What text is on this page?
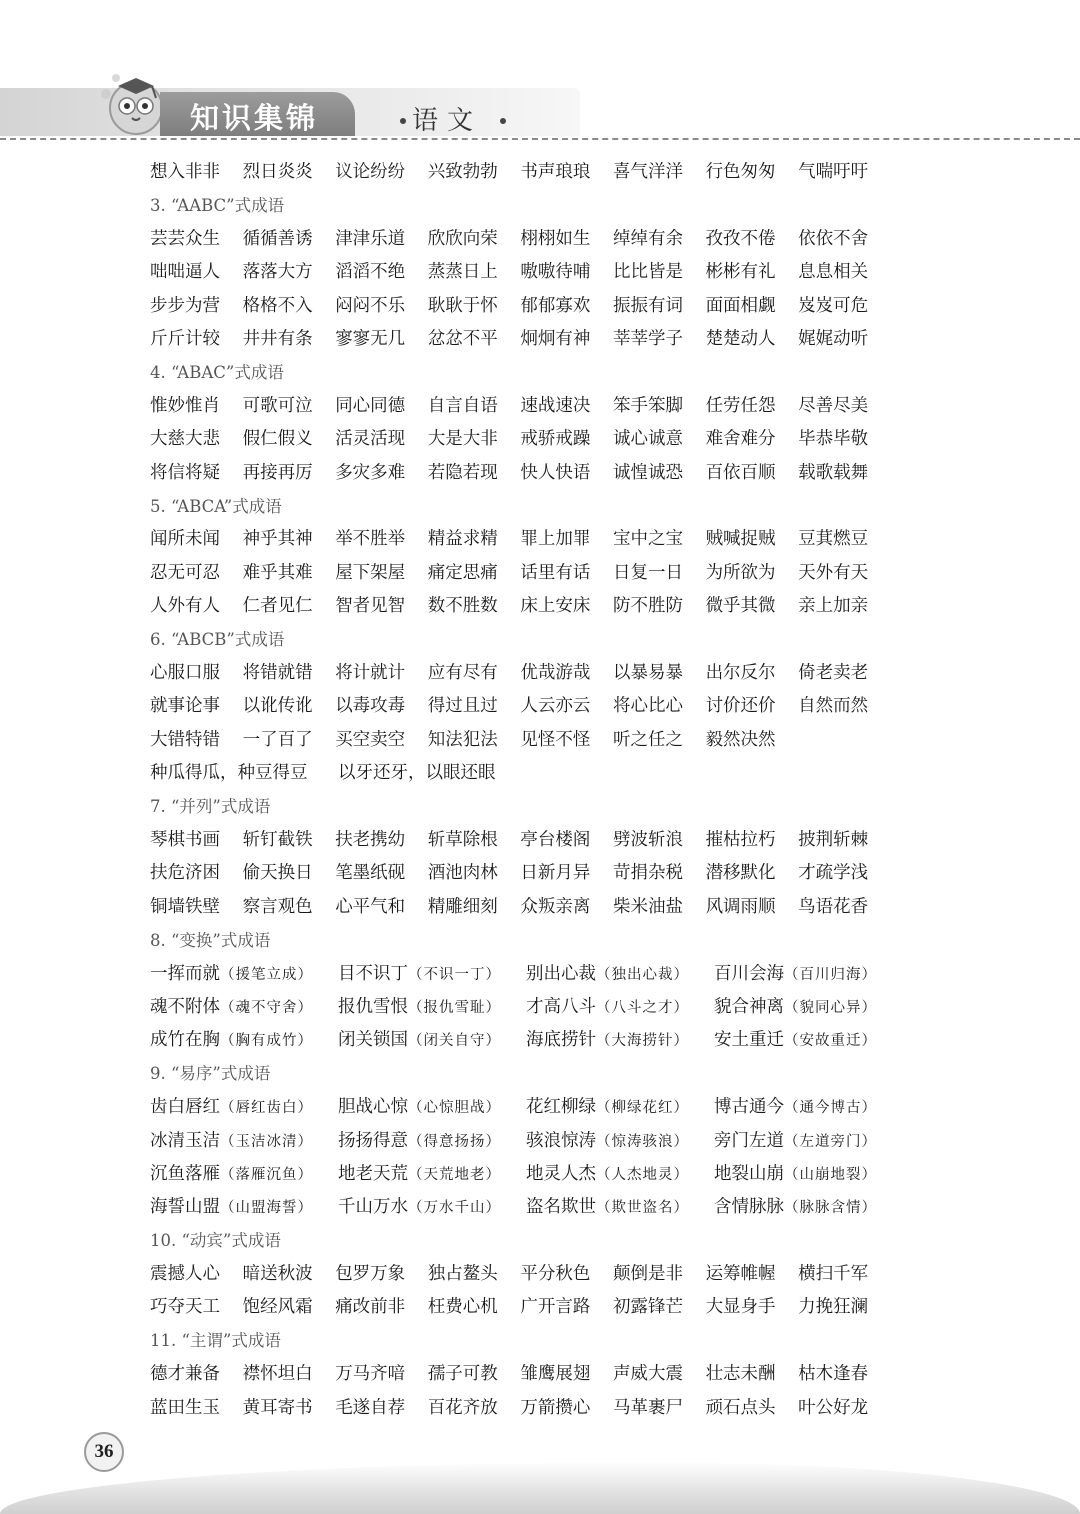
知识集锦	语文
想入非非	烈日炎炎	议论纷纷	兴致勃勃	书声琅琅	喜气洋洋	行色匆匆	气喘吁吁
3. “AABC”式成语
芸芸众生	循循善诱	津津乐道	欣欣向荣	栩栩如生	绰绰有余	孜孜不倦	依依不舍
咄咄逼人	落落大方	滔滔不绝	蒸蒸日上	嗷嗷待哺	比比皆是	彬彬有礼	息息相关
步步为营	格格不入	闷闷不乐	耿耿于怀	郁郁寡欢	振振有词	面面相觑	岌岌可危
斤斤计较	井井有条	寥寥无几	忿忿不平	炯炯有神	莘莘学子	楚楚动人	娓娓动听
4. “ABAC”式成语
惟妙惟肖	可歌可泣	同心同德	自言自语	速战速决	笨手笨脚	任劳任怨	尽善尽美
大慈大悲	假仁假义	活灵活现	大是大非	戒骄戒躁	诚心诚意	难舍难分	毕恭毕敬
将信将疑	再接再厉	多灾多难	若隐若现	快人快语	诚惶诚恐	百依百顺	载歌载舞
5. “ABCA”式成语
闻所未闻	神乎其神	举不胜举	精益求精	罪上加罪	宝中之宝	贼喊捉贼	豆萁燃豆
忍无可忍	难乎其难	屋下架屋	痛定思痛	话里有话	日复一日	为所欲为	天外有天
人外有人	仁者见仁	智者见智	数不胜数	床上安床	防不胜防	微乎其微	亲上加亲
6. “ABCB”式成语
心服口服	将错就错	将计就计	应有尽有	优哉游哉	以暴易暴	出尔反尔	倚老卖老
就事论事	以讹传讹	以毒攻毒	得过且过	人云亦云	将心比心	讨价还价	自然而然
大错特错	一了百了	买空卖空	知法犯法	见怪不怪	听之任之	毅然决然
种瓜得瓜，种豆得豆	以牙还牙，以眼还眼
7. “并列”式成语
琴棋书画	斩钉截铁	扶老携幼	斩草除根	亭台楼阁	劈波斩浪	摧枯拉朽	披荆斩棘
扶危济困	偷天换日	笔墨纸砚	酒池肉林	日新月异	苛捐杂税	潜移默化	才疏学浅
铜墙铁壁	察言观色	心平气和	精雕细刻	众叛亲离	柴米油盐	风调雨顺	鸟语花香
8. “变换”式成语
一挥而就（援笔立成）	目不识丁（不识一丁）	别出心裁（独出心裁）	百川会海（百川归海）
魂不附体（魂不守舍）	报仇雪恨（报仇雪耻）	才高八斗（八斗之才）	貌合神离（貌同心异）
成竹在胸（胸有成竹）	闭关锁国（闭关自守）	海底捞针（大海捞针）	安土重迁（安故重迁）
9. “易序”式成语
齿白唇红（唇红齿白）	胆战心惊（心惊胆战）	花红柳绿（柳绿花红）	博古通今（通今博古）
冰清玉洁（玉洁冰清）	扬扬得意（得意扬扬）	骇浪惊涛（惊涛骇浪）	旁门左道（左道旁门）
沉鱼落雁（落雁沉鱼）	地老天荒（天荒地老）	地灵人杰（人杰地灵）	地裂山崩（山崩地裂）
海誓山盟（山盟海誓）	千山万水（万水千山）	盗名欺世（欺世盗名）	含情脉脉（脉脉含情）
10. “动宾”式成语
震撼人心	暗送秋波	包罗万象	独占鳌头	平分秋色	颠倒是非	运筹帷幄	横扫千军
巧夺天工	饱经风霜	痛改前非	枉费心机	广开言路	初露锋芒	大显身手	力挽狂澜
11. “主谓”式成语
德才兼备	襟怀坦白	万马齐喑	孺子可教	雏鹰展翅	声威大震	壮志未酬	枯木逢春
蓝田生玉	黄耳寄书	毛遂自荐	百花齐放	万箭攒心	马革裹尸	顽石点头	叶公好龙
36
